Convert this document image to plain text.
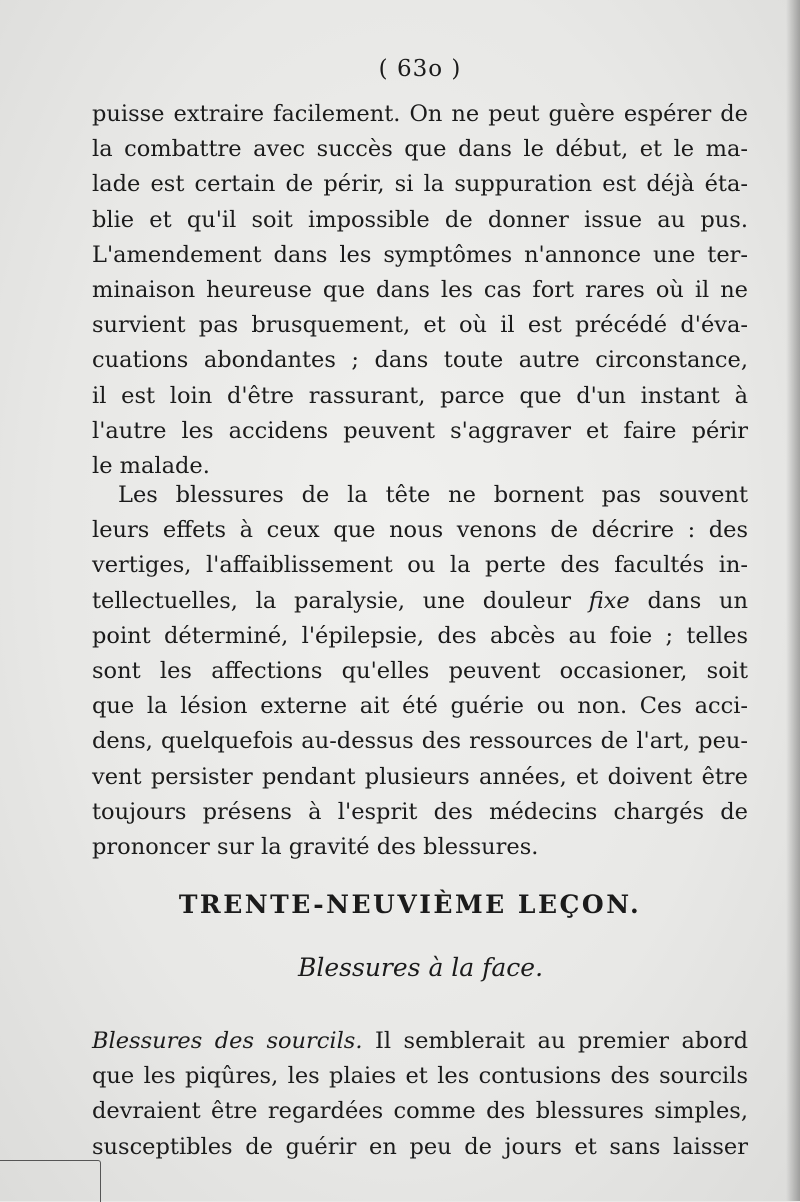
( 63o )
puisse extraire facilement. On ne peut guère espérer de
la combattre avec succès que dans le début, et le ma-
lade est certain de périr, si la suppuration est déjà éta-
blie et qu'il soit impossible de donner issue au pus.
L'amendement dans les symptômes n'annonce une ter-
minaison heureuse que dans les cas fort rares où il ne
survient pas brusquement, et où il est précédé d'éva-
cuations abondantes ; dans toute autre circonstance,
il est loin d'être rassurant, parce que d'un instant à
l'autre les accidens peuvent s'aggraver et faire périr
le malade.
Les blessures de la tête ne bornent pas souvent
leurs effets à ceux que nous venons de décrire : des
vertiges, l'affaiblissement ou la perte des facultés in-
tellectuelles, la paralysie, une douleur fixe dans un
point déterminé, l'épilepsie, des abcès au foie ; telles
sont les affections qu'elles peuvent occasioner, soit
que la lésion externe ait été guérie ou non. Ces acci-
dens, quelquefois au-dessus des ressources de l'art, peu-
vent persister pendant plusieurs années, et doivent être
toujours présens à l'esprit des médecins chargés de
prononcer sur la gravité des blessures.
TRENTE-NEUVIÈME LEÇON.
Blessures à la face.
Blessures des sourcils. Il semblerait au premier abord
que les piqûres, les plaies et les contusions des sourcils
devraient être regardées comme des blessures simples,
susceptibles de guérir en peu de jours et sans laisser
